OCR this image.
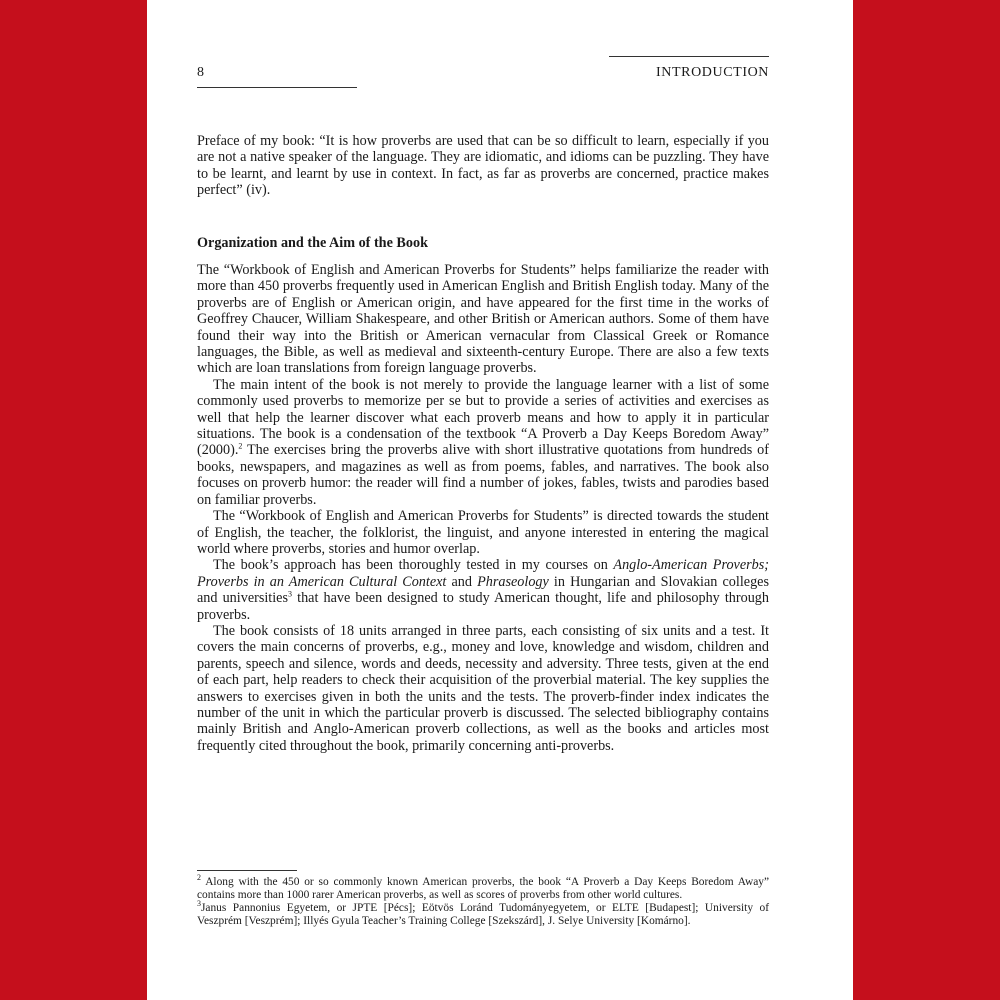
8	INTRODUCTION

Preface of my book: “It is how proverbs are used that can be so difficult to learn, especially if you are not a native speaker of the language. They are idiomatic, and idioms can be puzzling. They have to be learnt, and learnt by use in context. In fact, as far as proverbs are concerned, practice makes perfect” (iv).

Organization and the Aim of the Book

The “Workbook of English and American Proverbs for Students” helps familiarize the reader with more than 450 proverbs frequently used in American English and British English today. Many of the proverbs are of English or American origin, and have appeared for the first time in the works of Geoffrey Chaucer, William Shakespeare, and other British or American authors. Some of them have found their way into the British or American vernacular from Classical Greek or Romance languages, the Bible, as well as medieval and sixteenth-century Europe. There are also a few texts which are loan translations from foreign language proverbs.

The main intent of the book is not merely to provide the language learner with a list of some commonly used proverbs to memorize per se but to provide a series of activities and exercises as well that help the learner discover what each proverb means and how to apply it in particular situations. The book is a condensation of the textbook “A Proverb a Day Keeps Boredom Away” (2000).$^2$ The exercises bring the proverbs alive with short illustrative quotations from hundreds of books, newspapers, and magazines as well as from poems, fables, and narratives. The book also focuses on proverb humor: the reader will find a number of jokes, fables, twists and parodies based on familiar proverbs.

The “Workbook of English and American Proverbs for Students” is directed towards the student of English, the teacher, the folklorist, the linguist, and anyone interested in entering the magical world where proverbs, stories and humor overlap.

The book’s approach has been thoroughly tested in my courses on Anglo-American Proverbs; Proverbs in an American Cultural Context and Phraseology in Hungarian and Slovakian colleges and universities$^3$ that have been designed to study American thought, life and philosophy through proverbs.

The book consists of 18 units arranged in three parts, each consisting of six units and a test. It covers the main concerns of proverbs, e.g., money and love, knowledge and wisdom, children and parents, speech and silence, words and deeds, necessity and adversity. Three tests, given at the end of each part, help readers to check their acquisition of the proverbial material. The key supplies the answers to exercises given in both the units and the tests. The proverb-finder index indicates the number of the unit in which the particular proverb is discussed. The selected bibliography contains mainly British and Anglo-American proverb collections, as well as the books and articles most frequently cited throughout the book, primarily concerning anti-proverbs.

$^2$ Along with the 450 or so commonly known American proverbs, the book “A Proverb a Day Keeps Boredom Away” contains more than 1000 rarer American proverbs, as well as scores of proverbs from other world cultures.

$^3$Janus Pannonius Egyetem, or JPTE [Pécs]; Eötvös Loránd Tudományegyetem, or ELTE [Budapest]; University of Veszprém [Veszprém]; Illyés Gyula Teacher’s Training College [Szekszárd], J. Selye University [Komárno].
